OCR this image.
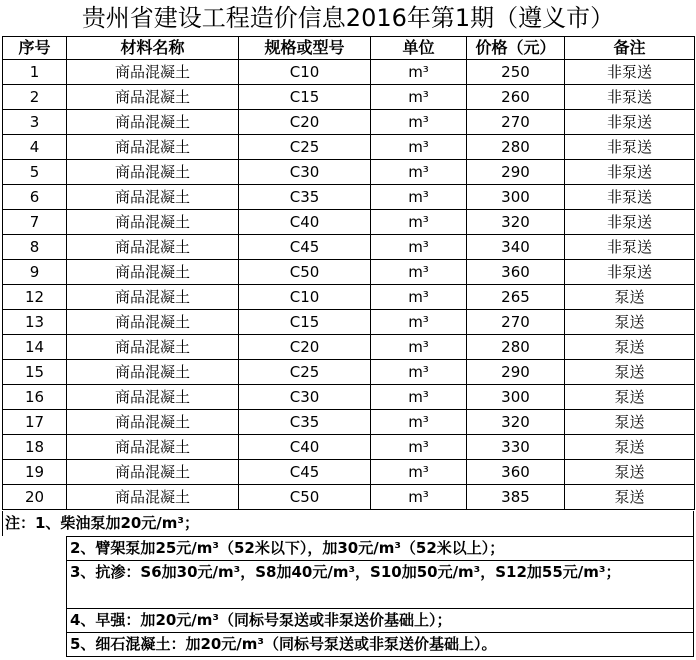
贵州省建设工程造价信息2016年第1期（遵义市）
序号	材料名称	规格或型号	单位	价格（元）	备注
1	商品混凝土	C10	m³	250	非泵送
2	商品混凝土	C15	m³	260	非泵送
3	商品混凝土	C20	m³	270	非泵送
4	商品混凝土	C25	m³	280	非泵送
5	商品混凝土	C30	m³	290	非泵送
6	商品混凝土	C35	m³	300	非泵送
7	商品混凝土	C40	m³	320	非泵送
8	商品混凝土	C45	m³	340	非泵送
9	商品混凝土	C50	m³	360	非泵送
12	商品混凝土	C10	m³	265	泵送
13	商品混凝土	C15	m³	270	泵送
14	商品混凝土	C20	m³	280	泵送
15	商品混凝土	C25	m³	290	泵送
16	商品混凝土	C30	m³	300	泵送
17	商品混凝土	C35	m³	320	泵送
18	商品混凝土	C40	m³	330	泵送
19	商品混凝土	C45	m³	360	泵送
20	商品混凝土	C50	m³	385	泵送
注：1、柴油泵加20元/m³；
2、臂架泵加25元/m³（52米以下），加30元/m³（52米以上）；
3、抗渗：S6加30元/m³，S8加40元/m³，S10加50元/m³，S12加55元/m³；
4、早强：加20元/m³（同标号泵送或非泵送价基础上）；
5、细石混凝土：加20元/m³（同标号泵送或非泵送价基础上）。
